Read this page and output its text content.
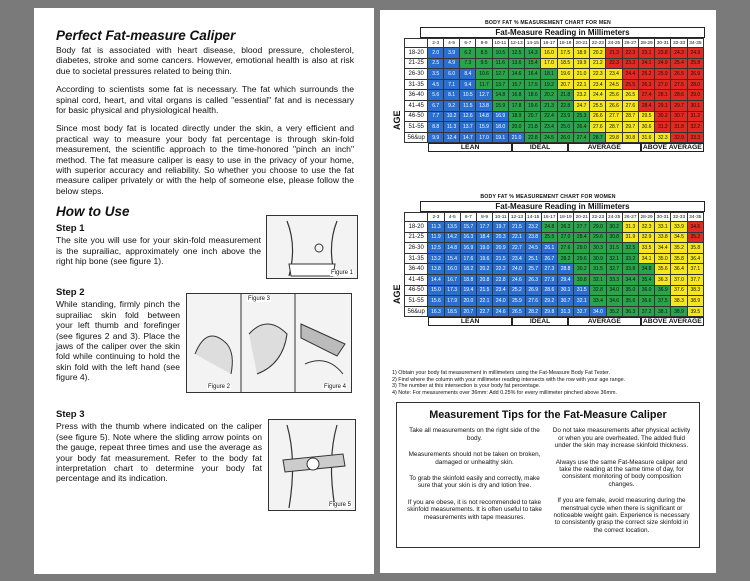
Perfect Fat-measure Caliper

Body fat is associated with heart disease, blood pressure, cholesterol, diabetes, stroke and some cancers. However, emotional health is also at risk due to societal pressures related to being thin.

According to scientists some fat is necessary. The fat which surrounds the spinal cord, heart, and vital organs is called "essential" fat and is necessary for basic physical and physiological health.

Since most body fat is located directly under the skin, a very efficient and practical way to measure your body fat percentage is through skin-fold measurement, the scientific approach to the time-honored "pinch an inch" method. The fat measure caliper is easy to use in the privacy of your home, with superior accuracy and reliability. So whether you choose to use the fat measure caliper privately or with the help of someone else, please follow the below steps.

How to Use
Step 1
The site you will use for your skin-fold measurement is the suprailiac, approximately one inch above the right hip bone (see figure 1).
Figure 1
Step 2
While standing, firmly pinch the suprailiac skin fold between your left thumb and forefinger (see figures 2 and 3). Place the jaws of the caliper over the skin fold while continuing to hold the skin fold with the left hand (see figure 4).
Figure 3
Figure 2	Figure 4
Step 3
Press with the thumb where indicated on the caliper (see figure 5). Note where the sliding arrow points on the gauge, repeat three times and use the average as your body fat measurement. Refer to the body fat interpretation chart to determine your body fat percentage and its indication.
Figure 5
BODY FAT % MEASUREMENT CHART FOR MEN
Fat-Measure Reading in Millimeters
AGE
	2-3	4-5	6-7	8-9	10-11	12-13	14-15	16-17	18-19	20-21	22-23	24-25	26-27	28-29	30-31	32-33	34-35
18-20	2.0	3.9	6.2	8.5	10.5	12.5	14.3	16.0	17.5	18.9	20.2	21.3	22.3	23.1	23.8	24.3	24.9
21-25	2.5	4.9	7.3	9.5	11.6	13.6	15.4	17.0	18.5	19.9	21.2	22.3	23.3	24.1	24.9	25.4	25.8
26-30	3.5	6.0	8.4	10.6	12.7	14.6	16.4	18.1	19.6	21.0	22.3	23.4	24.4	25.2	25.9	26.5	26.9
31-35	4.5	7.1	9.4	11.7	13.7	15.7	17.5	19.2	20.7	22.1	23.4	24.5	25.5	26.3	27.0	27.5	28.0
36-40	5.6	8.1	10.5	12.7	14.8	16.8	18.6	20.2	21.8	23.2	24.4	25.6	26.5	27.4	28.1	28.6	29.0
41-45	6.7	9.2	11.5	13.8	15.9	17.8	19.6	21.3	22.8	24.7	25.5	26.6	27.6	28.4	29.1	29.7	30.1
46-50	7.7	10.2	12.6	14.8	16.9	18.9	20.7	22.4	23.9	25.3	26.6	27.7	28.7	29.5	30.2	30.7	31.2
51-55	8.8	11.3	13.7	15.9	18.0	20.0	21.8	23.4	25.0	26.4	27.6	28.7	29.7	30.6	31.2	31.8	32.2
56&up	9.9	12.4	14.7	17.0	19.1	21.0	22.8	24.5	26.0	27.4	28.7	29.8	30.8	31.6	32.3	32.9	33.3
LEAN	IDEAL	AVERAGE	ABOVE AVERAGE
BODY FAT % MEASUREMENT CHART FOR WOMEN
Fat-Measure Reading in Millimeters
AGE
	2-3	4-5	6-7	8-9	10-11	12-13	14-15	16-17	18-19	20-21	22-23	24-25	26-27	28-29	30-31	32-33	34-35
18-20	11.3	13.5	15.7	17.7	19.7	21.5	23.2	24.8	26.3	27.7	29.0	30.2	31.3	32.3	33.1	33.9	34.6
21-25	11.9	14.2	16.3	18.4	20.3	22.1	23.8	25.5	27.0	28.4	29.6	30.8	31.9	32.9	33.8	34.5	35.2
26-30	12.5	14.8	16.9	19.0	20.9	22.7	24.5	26.1	27.6	29.0	30.3	31.5	32.5	33.5	34.4	35.2	35.8
31-35	13.2	15.4	17.6	19.6	21.5	23.4	25.1	26.7	28.2	29.6	30.9	32.1	33.2	34.1	35.0	35.8	36.4
36-40	13.8	16.0	18.2	20.2	22.2	24.0	25.7	27.3	28.8	30.2	31.5	32.7	33.8	34.8	35.6	36.4	37.1
41-45	14.4	16.7	18.8	20.8	22.8	24.6	26.3	27.9	29.4	30.8	32.1	33.3	34.4	35.4	36.3	37.0	37.7
46-50	15.0	17.3	19.4	21.5	23.4	25.2	26.9	28.6	30.1	31.5	32.8	34.0	35.0	36.0	36.9	37.6	38.3
51-55	15.6	17.9	20.0	22.1	24.0	25.9	27.6	29.2	30.7	32.1	33.4	34.6	35.6	36.6	37.5	38.3	38.9
56&up	16.3	18.5	20.7	22.7	24.6	26.5	28.2	29.8	31.3	32.7	34.0	35.2	36.3	37.2	38.1	38.9	39.5
LEAN	IDEAL	AVERAGE	ABOVE AVERAGE
1) Obtain your body fat measurement in millimeters using the Fat-Measure Body Fat Tester.
2) Find where the column with your millimeter reading intersects with the row with your age range.
3) The number at this intersection is your body fat percentage.
4) Note: For measurements over 36mm: Add 0.25% for every millimeter pinched above 36mm.
Measurement Tips for the Fat-Measure Caliper
Take all measurements on the right side of the body.
Measurements should not be taken on broken, damaged or unhealthy skin.
To grab the skinfold easily and correctly, make sure that your skin is dry and lotion free.
If you are obese, it is not recommended to take skinfold measurements. It is often useful to take measurements with tape measures.
Do not take measurements after physical activity or when you are overheated. The added fluid under the skin may increase skinfold thickness.
Always use the same Fat-Measure caliper and take the reading at the same time of day, for consistent monitoring of body composition changes.
If you are female, avoid measuring during the menstrual cycle when there is significant or noticeable weight gain. Experience is necessary to consistently grasp the correct size skinfold in the correct location.
